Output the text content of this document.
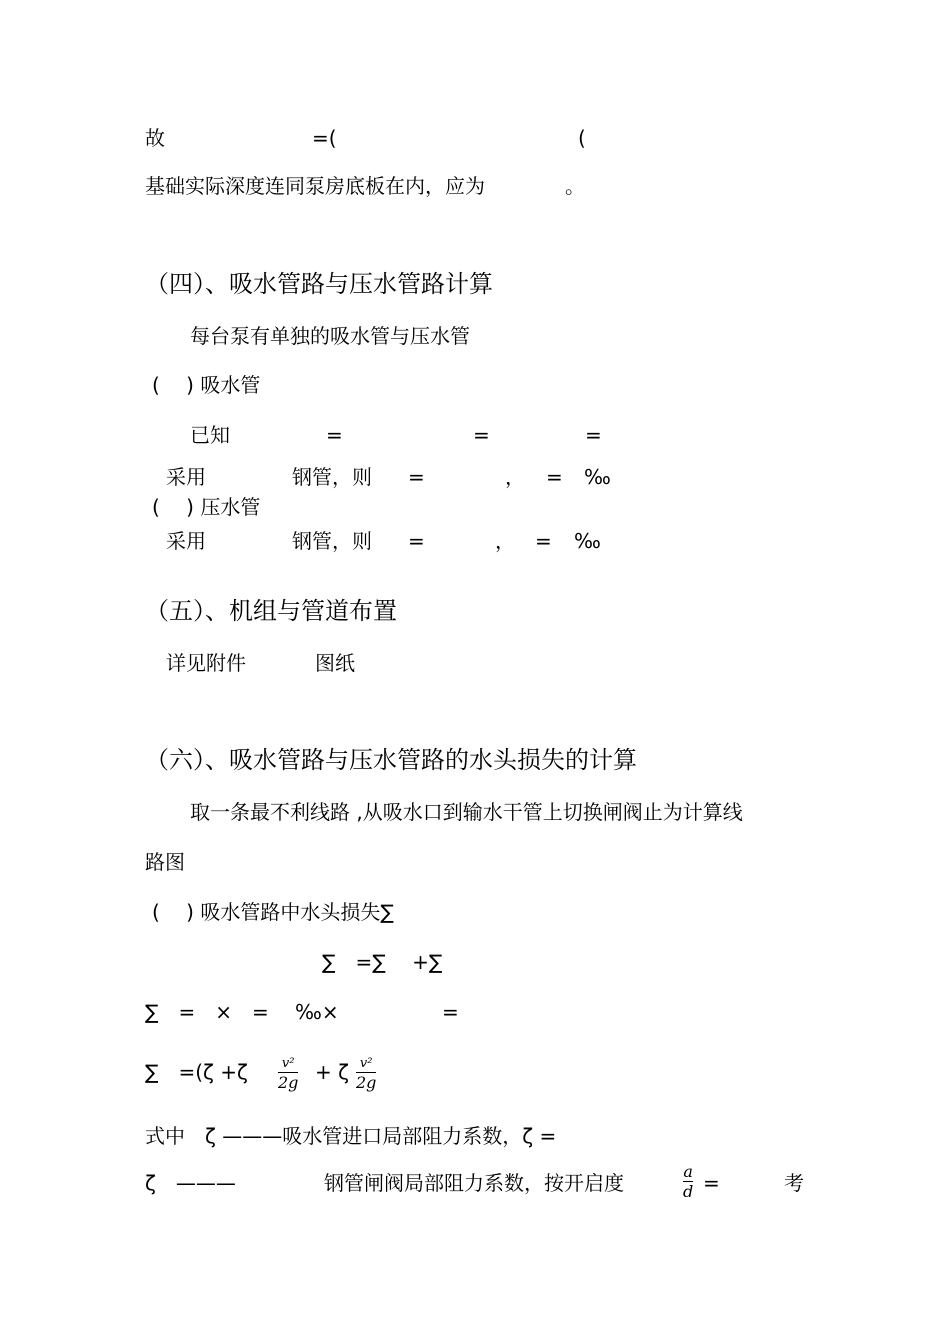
故	=(	(
基础实际深度连同泵房底板在内，应为	。
（四）、吸水管路与压水管路计算
每台泵有单独的吸水管与压水管
(　 ) 吸水管
已知	=	=	=
采用	钢管，则 =	， = ‰
(　 ) 压水管
采用	钢管，则 =	， = ‰
（五）、机组与管道布置
详见附件	图纸
（六）、吸水管路与压水管路的水头损失的计算
取一条最不利线路 ,从吸水口到输水干管上切换闸阀止为计算线
路图
(　 ) 吸水管路中水头损失∑
∑　=∑　 +∑
∑　=　×　= ‰×	=
∑　=(ζ +ζ	v²
2g + ζ v²
2g
式中　ζ ———吸水管进口局部阻力系数，ζ =
ζ　———	钢管闸阀局部阻力系数，按开启度	a
d =	考
